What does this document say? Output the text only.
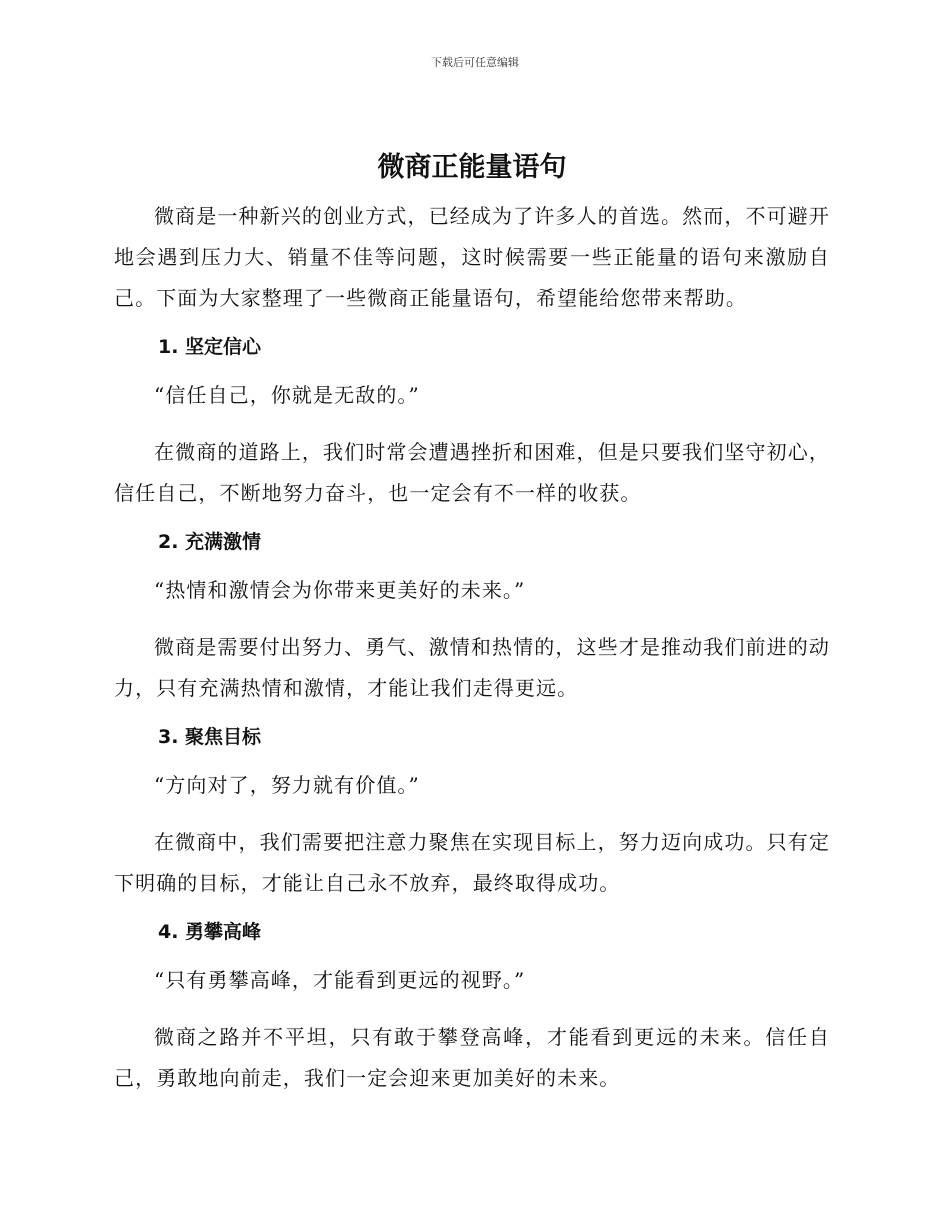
下载后可任意编辑
微商正能量语句

微商是一种新兴的创业方式，已经成为了许多人的首选。然而，不可避开地会遇到压力大、销量不佳等问题，这时候需要一些正能量的语句来激励自己。下面为大家整理了一些微商正能量语句，希望能给您带来帮助。

1. 坚定信心
“信任自己，你就是无敌的。”

在微商的道路上，我们时常会遭遇挫折和困难，但是只要我们坚守初心，信任自己，不断地努力奋斗，也一定会有不一样的收获。

2. 充满激情
“热情和激情会为你带来更美好的未来。”

微商是需要付出努力、勇气、激情和热情的，这些才是推动我们前进的动力，只有充满热情和激情，才能让我们走得更远。

3. 聚焦目标
“方向对了，努力就有价值。”

在微商中，我们需要把注意力聚焦在实现目标上，努力迈向成功。只有定下明确的目标，才能让自己永不放弃，最终取得成功。

4. 勇攀高峰
“只有勇攀高峰，才能看到更远的视野。”

微商之路并不平坦，只有敢于攀登高峰，才能看到更远的未来。信任自己，勇敢地向前走，我们一定会迎来更加美好的未来。
